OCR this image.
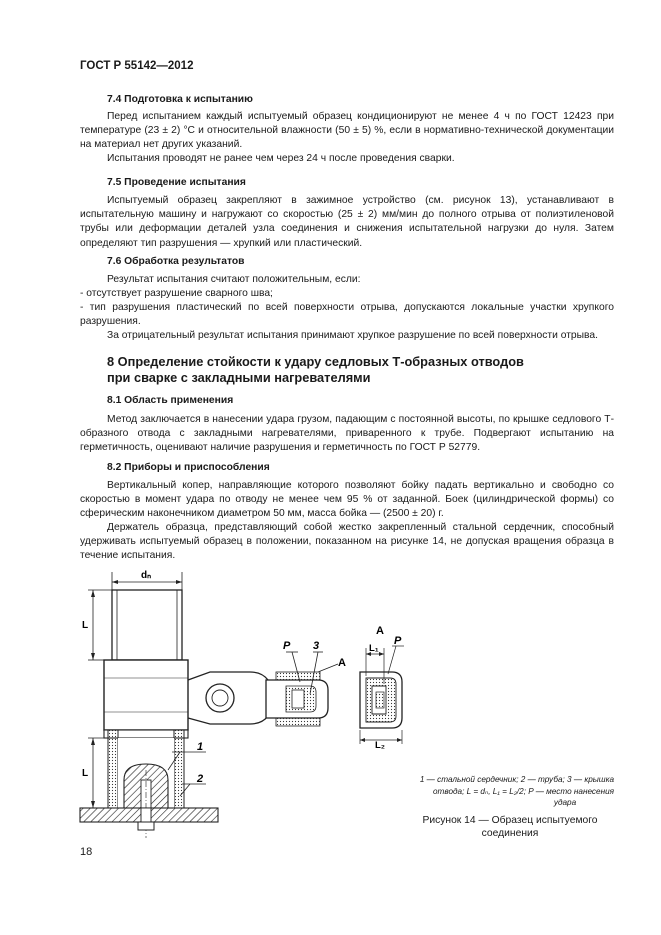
ГОСТ Р 55142—2012
7.4 Подготовка к испытанию

Перед испытанием каждый испытуемый образец кондиционируют не менее 4 ч по ГОСТ 12423 при температуре (23 ± 2) °С и относительной влажности (50 ± 5) %, если в нормативно-технической документации на материал нет других указаний.

Испытания проводят не ранее чем через 24 ч после проведения сварки.

7.5 Проведение испытания

Испытуемый образец закрепляют в зажимное устройство (см. рисунок 13), устанавливают в испытательную машину и нагружают со скоростью (25 ± 2) мм/мин до полного отрыва от полиэтиленовой трубы или деформации деталей узла соединения и снижения испытательной нагрузки до нуля. Затем определяют тип разрушения — хрупкий или пластический.

7.6 Обработка результатов

Результат испытания считают положительным, если:

- отсутствует разрушение сварного шва;

- тип разрушения пластический по всей поверхности отрыва, допускаются локальные участки хрупкого разрушения.

За отрицательный результат испытания принимают хрупкое разрушение по всей поверхности отрыва.

8 Определение стойкости к удару седловых Т-образных отводов
при сварке с закладными нагревателями
8.1 Область применения

Метод заключается в нанесении удара грузом, падающим с постоянной высоты, по крышке седлового Т-образного отвода с закладными нагревателями, приваренного к трубе. Подвергают испытанию на герметичность, оценивают наличие разрушения и герметичность по ГОСТ Р 52779.

8.2 Приборы и приспособления

Вертикальный копер, направляющие которого позволяют бойку падать вертикально и свободно со скоростью в момент удара по отводу не менее чем 95 % от заданной. Боек (цилиндрической формы) со сферическим наконечником диаметром 50 мм, масса бойка — (2500 ± 20) г.

Держатель образца, представляющий собой жестко закрепленный стальной сердечник, способный удерживать испытуемый образец в положении, показанном на рисунке 14, не допуская вращения образца в течение испытания.

dₙ
L
P 3
A
L
1
2
A
L₁
P
L₂
1 — стальной сердечник; 2 — труба; 3 — крышка
отвода; L = dₙ, L₁ = L₂/2; P — место нанесения
удара
Рисунок 14 — Образец испытуемого
соединения
18
